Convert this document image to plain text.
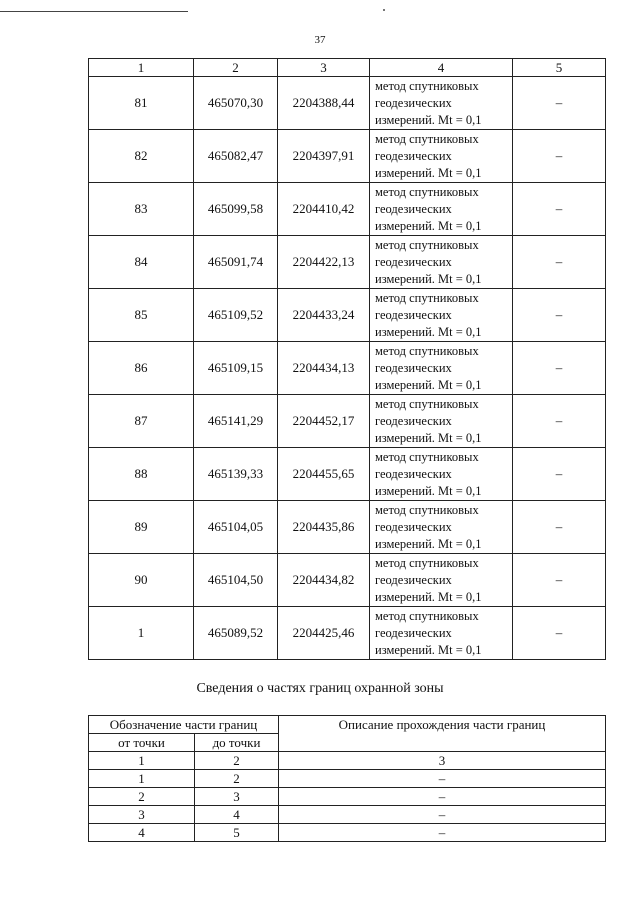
37
1	2	3	4	5
81	465070,30	2204388,44	метод спутниковых
геодезических
измерений. Mt = 0,1	–
82	465082,47	2204397,91	метод спутниковых
геодезических
измерений. Mt = 0,1	–
83	465099,58	2204410,42	метод спутниковых
геодезических
измерений. Mt = 0,1	–
84	465091,74	2204422,13	метод спутниковых
геодезических
измерений. Mt = 0,1	–
85	465109,52	2204433,24	метод спутниковых
геодезических
измерений. Mt = 0,1	–
86	465109,15	2204434,13	метод спутниковых
геодезических
измерений. Mt = 0,1	–
87	465141,29	2204452,17	метод спутниковых
геодезических
измерений. Mt = 0,1	–
88	465139,33	2204455,65	метод спутниковых
геодезических
измерений. Mt = 0,1	–
89	465104,05	2204435,86	метод спутниковых
геодезических
измерений. Mt = 0,1	–
90	465104,50	2204434,82	метод спутниковых
геодезических
измерений. Mt = 0,1	–
1	465089,52	2204425,46	метод спутниковых
геодезических
измерений. Mt = 0,1	–
Сведения о частях границ охранной зоны
Обозначение части границ		Описание прохождения части границ
от точки	до точки	
1	2	3
1	2	–
2	3	–
3	4	–
4	5	–
